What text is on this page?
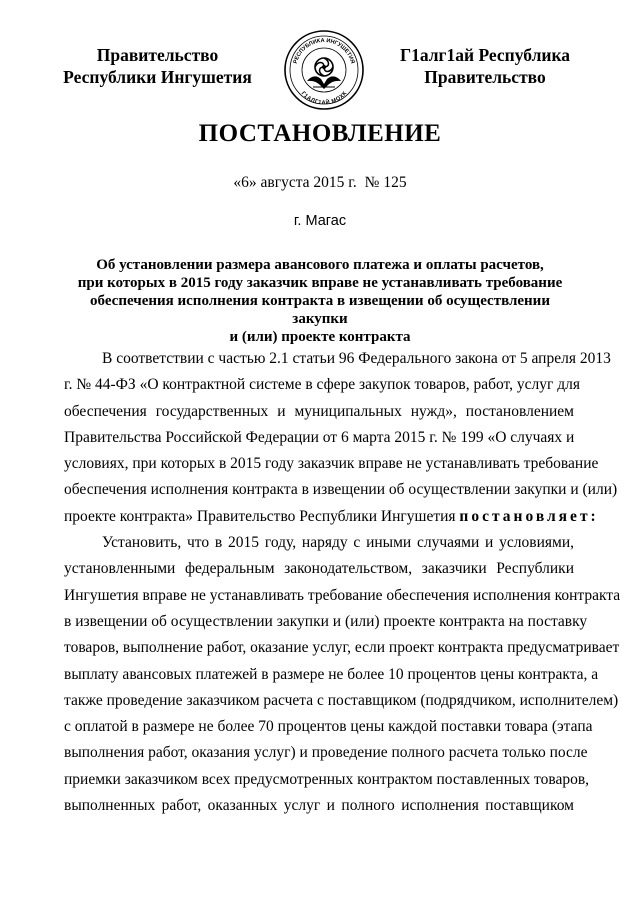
Правительство
Республики Ингушетия
РЕСПУБЛИКА ИНГУШЕТИЯ
Г1АЛГ1АЙ МОХК
Г1алг1ай Республика
Правительство
ПОСТАНОВЛЕНИЕ
«6» августа 2015 г. № 125
г. Магас
Об установлении размера авансового платежа и оплаты расчетов,
при которых в 2015 году заказчик вправе не устанавливать требование
обеспечения исполнения контракта в извещении об осуществлении закупки
и (или) проекте контракта
В соответствии с частью 2.1 статьи 96 Федерального закона от 5 апреля 2013
г. № 44-ФЗ «О контрактной системе в сфере закупок товаров, работ, услуг для
обеспечения государственных и муниципальных нужд», постановлением
Правительства Российской Федерации от 6 марта 2015 г. № 199 «О случаях и
условиях, при которых в 2015 году заказчик вправе не устанавливать требование
обеспечения исполнения контракта в извещении об осуществлении закупки и (или)
проекте контракта» Правительство Республики Ингушетия постановляет:
Установить, что в 2015 году, наряду с иными случаями и условиями,
установленными федеральным законодательством, заказчики Республики
Ингушетия вправе не устанавливать требование обеспечения исполнения контракта
в извещении об осуществлении закупки и (или) проекте контракта на поставку
товаров, выполнение работ, оказание услуг, если проект контракта предусматривает
выплату авансовых платежей в размере не более 10 процентов цены контракта, а
также проведение заказчиком расчета с поставщиком (подрядчиком, исполнителем)
с оплатой в размере не более 70 процентов цены каждой поставки товара (этапа
выполнения работ, оказания услуг) и проведение полного расчета только после
приемки заказчиком всех предусмотренных контрактом поставленных товаров,
выполненных работ, оказанных услуг и полного исполнения поставщиком
